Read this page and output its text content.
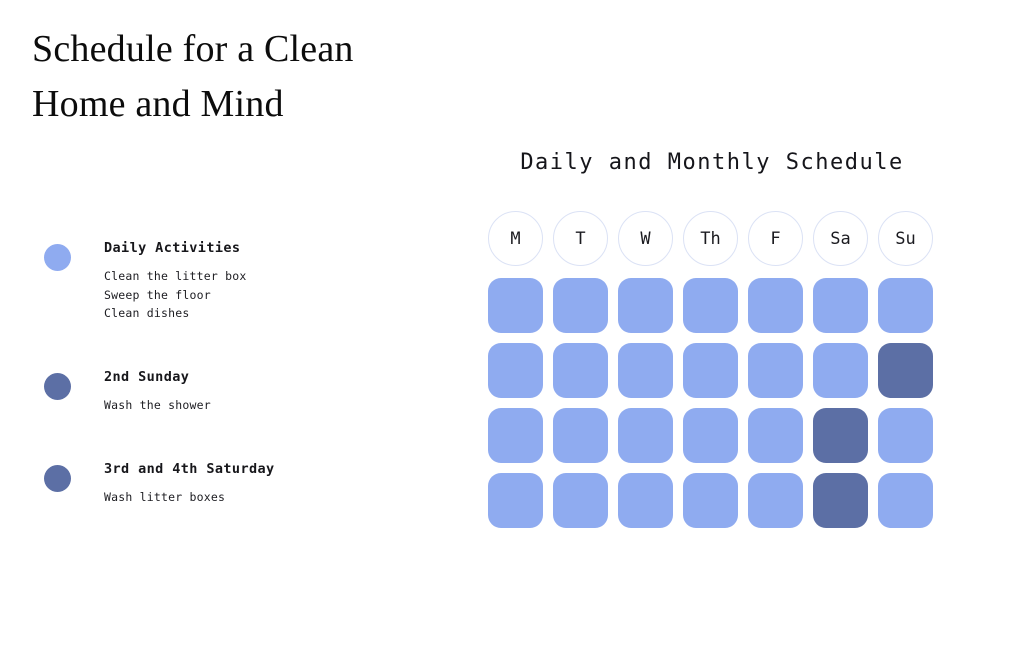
Schedule for a Clean Home and Mind
Daily Activities
Clean the litter box
Sweep the floor
Clean dishes
2nd Sunday
Wash the shower
3rd and 4th Saturday
Wash litter boxes
Daily and Monthly Schedule
M	T	W	Th	F	Sa	Su
